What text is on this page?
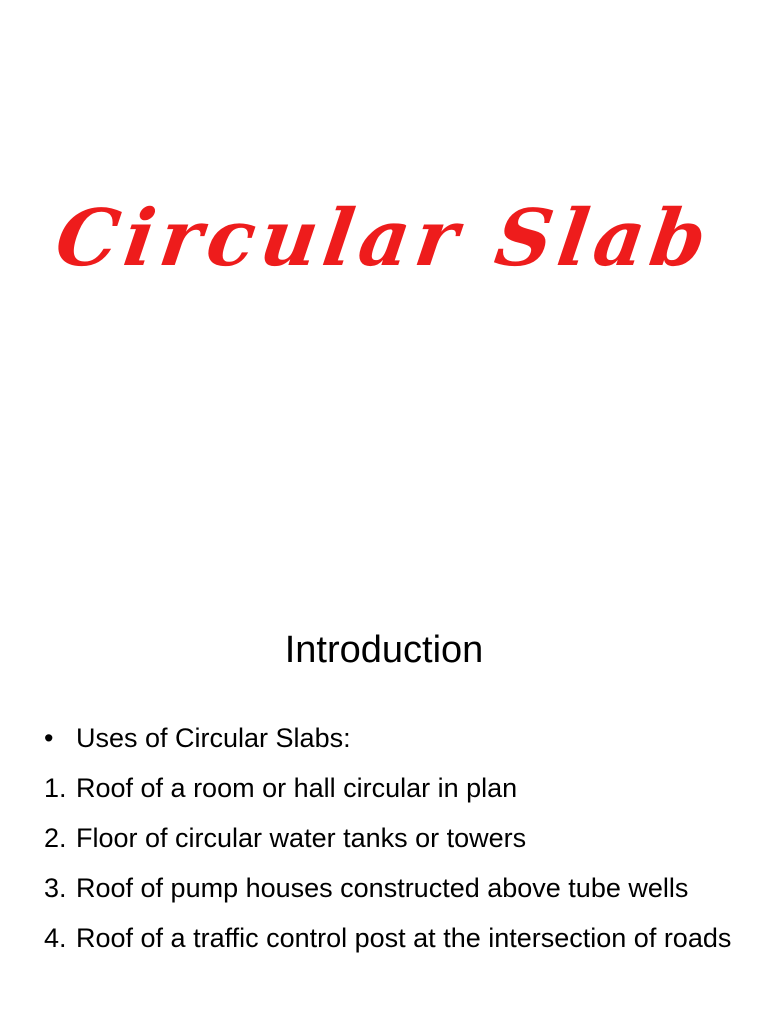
Circular Slab
Introduction
• Uses of Circular Slabs:
1. Roof of a room or hall circular in plan
2. Floor of circular water tanks or towers
3. Roof of pump houses constructed above tube wells
4. Roof of a traffic control post at the intersection of roads
